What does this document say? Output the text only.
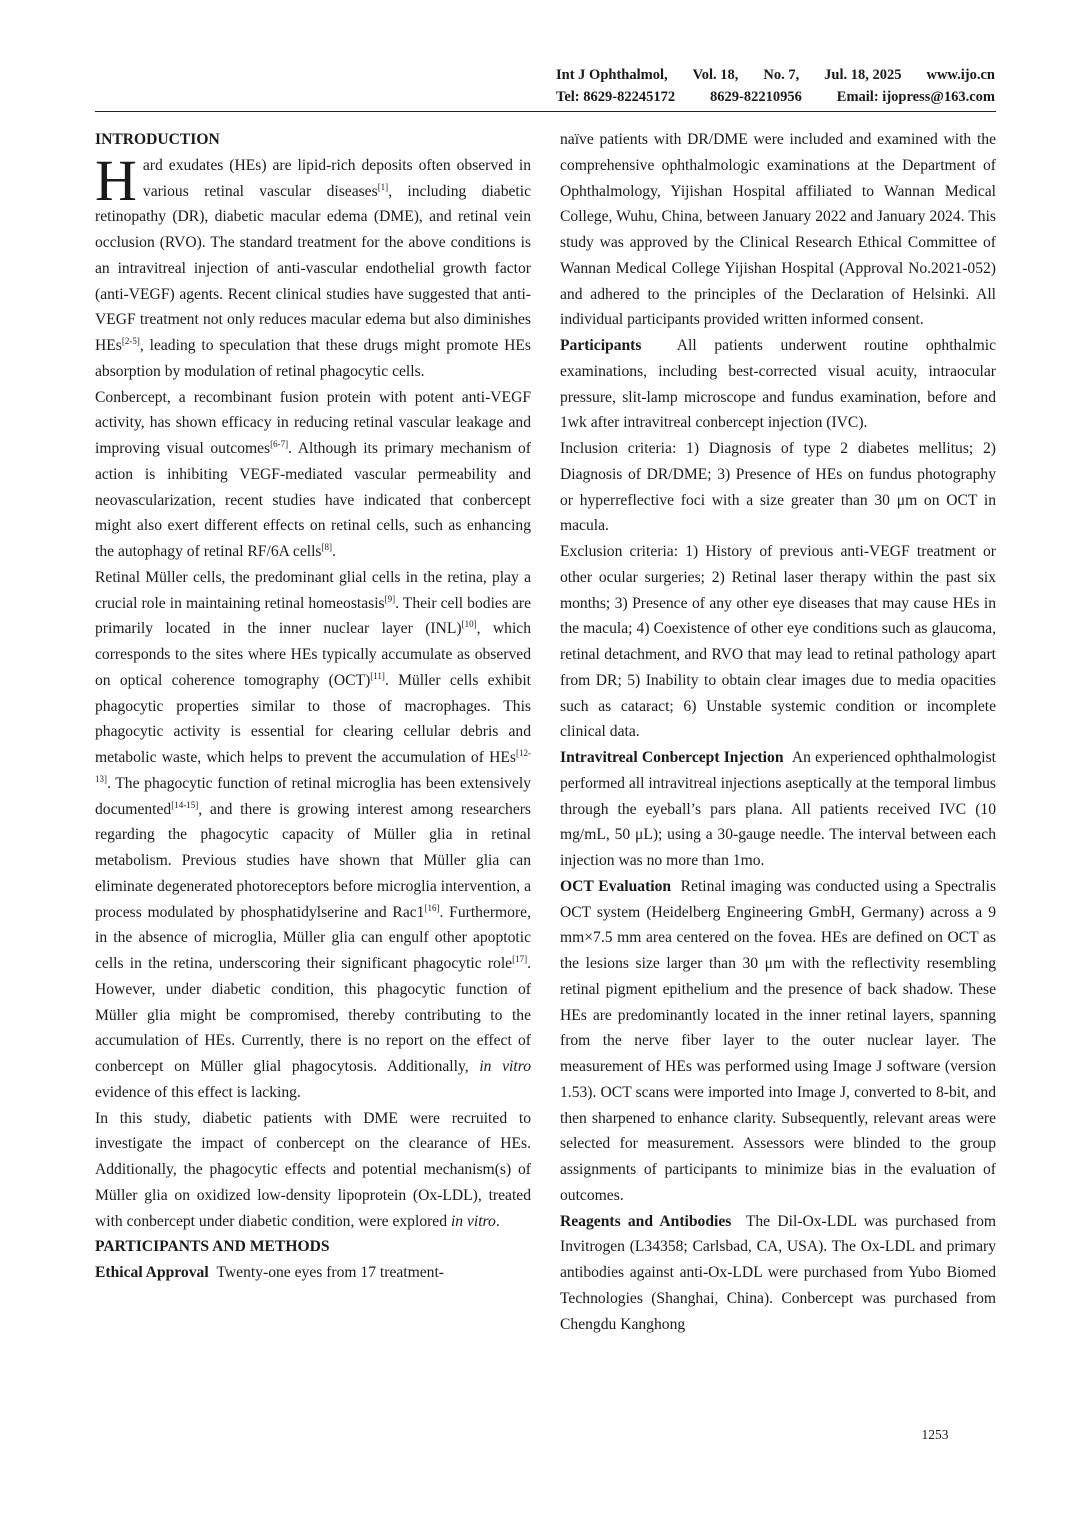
Int J Ophthalmol, Vol. 18, No. 7, Jul. 18, 2025 www.ijo.cn
Tel: 8629-82245172 8629-82210956 Email: ijopress@163.com

INTRODUCTION

Hard exudates (HEs) are lipid-rich deposits often observed in various retinal vascular diseases[1], including diabetic retinopathy (DR), diabetic macular edema (DME), and retinal vein occlusion (RVO). The standard treatment for the above conditions is an intravitreal injection of anti-vascular endothelial growth factor (anti-VEGF) agents. Recent clinical studies have suggested that anti-VEGF treatment not only reduces macular edema but also diminishes HEs[2-5], leading to speculation that these drugs might promote HEs absorption by modulation of retinal phagocytic cells.

Conbercept, a recombinant fusion protein with potent anti-VEGF activity, has shown efficacy in reducing retinal vascular leakage and improving visual outcomes[6-7]. Although its primary mechanism of action is inhibiting VEGF-mediated vascular permeability and neovascularization, recent studies have indicated that conbercept might also exert different effects on retinal cells, such as enhancing the autophagy of retinal RF/6A cells[8].

Retinal Müller cells, the predominant glial cells in the retina, play a crucial role in maintaining retinal homeostasis[9]. Their cell bodies are primarily located in the inner nuclear layer (INL)[10], which corresponds to the sites where HEs typically accumulate as observed on optical coherence tomography (OCT)[11]. Müller cells exhibit phagocytic properties similar to those of macrophages. This phagocytic activity is essential for clearing cellular debris and metabolic waste, which helps to prevent the accumulation of HEs[12-13]. The phagocytic function of retinal microglia has been extensively documented[14-15], and there is growing interest among researchers regarding the phagocytic capacity of Müller glia in retinal metabolism. Previous studies have shown that Müller glia can eliminate degenerated photoreceptors before microglia intervention, a process modulated by phosphatidylserine and Rac1[16]. Furthermore, in the absence of microglia, Müller glia can engulf other apoptotic cells in the retina, underscoring their significant phagocytic role[17]. However, under diabetic condition, this phagocytic function of Müller glia might be compromised, thereby contributing to the accumulation of HEs. Currently, there is no report on the effect of conbercept on Müller glial phagocytosis. Additionally, in vitro evidence of this effect is lacking.

In this study, diabetic patients with DME were recruited to investigate the impact of conbercept on the clearance of HEs. Additionally, the phagocytic effects and potential mechanism(s) of Müller glia on oxidized low-density lipoprotein (Ox-LDL), treated with conbercept under diabetic condition, were explored in vitro.

PARTICIPANTS AND METHODS

Ethical Approval Twenty-one eyes from 17 treatment-

naïve patients with DR/DME were included and examined with the comprehensive ophthalmologic examinations at the Department of Ophthalmology, Yijishan Hospital affiliated to Wannan Medical College, Wuhu, China, between January 2022 and January 2024. This study was approved by the Clinical Research Ethical Committee of Wannan Medical College Yijishan Hospital (Approval No.2021-052) and adhered to the principles of the Declaration of Helsinki. All individual participants provided written informed consent.

Participants All patients underwent routine ophthalmic examinations, including best-corrected visual acuity, intraocular pressure, slit-lamp microscope and fundus examination, before and 1wk after intravitreal conbercept injection (IVC).

Inclusion criteria: 1) Diagnosis of type 2 diabetes mellitus; 2) Diagnosis of DR/DME; 3) Presence of HEs on fundus photography or hyperreflective foci with a size greater than 30 μm on OCT in macula.

Exclusion criteria: 1) History of previous anti-VEGF treatment or other ocular surgeries; 2) Retinal laser therapy within the past six months; 3) Presence of any other eye diseases that may cause HEs in the macula; 4) Coexistence of other eye conditions such as glaucoma, retinal detachment, and RVO that may lead to retinal pathology apart from DR; 5) Inability to obtain clear images due to media opacities such as cataract; 6) Unstable systemic condition or incomplete clinical data.

Intravitreal Conbercept Injection An experienced ophthalmologist performed all intravitreal injections aseptically at the temporal limbus through the eyeball’s pars plana. All patients received IVC (10 mg/mL, 50 μL); using a 30-gauge needle. The interval between each injection was no more than 1mo.

OCT Evaluation Retinal imaging was conducted using a Spectralis OCT system (Heidelberg Engineering GmbH, Germany) across a 9 mm×7.5 mm area centered on the fovea. HEs are defined on OCT as the lesions size larger than 30 μm with the reflectivity resembling retinal pigment epithelium and the presence of back shadow. These HEs are predominantly located in the inner retinal layers, spanning from the nerve fiber layer to the outer nuclear layer. The measurement of HEs was performed using Image J software (version 1.53). OCT scans were imported into Image J, converted to 8-bit, and then sharpened to enhance clarity. Subsequently, relevant areas were selected for measurement. Assessors were blinded to the group assignments of participants to minimize bias in the evaluation of outcomes.

Reagents and Antibodies The Dil-Ox-LDL was purchased from Invitrogen (L34358; Carlsbad, CA, USA). The Ox-LDL and primary antibodies against anti-Ox-LDL were purchased from Yubo Biomed Technologies (Shanghai, China). Conbercept was purchased from Chengdu Kanghong

1253
